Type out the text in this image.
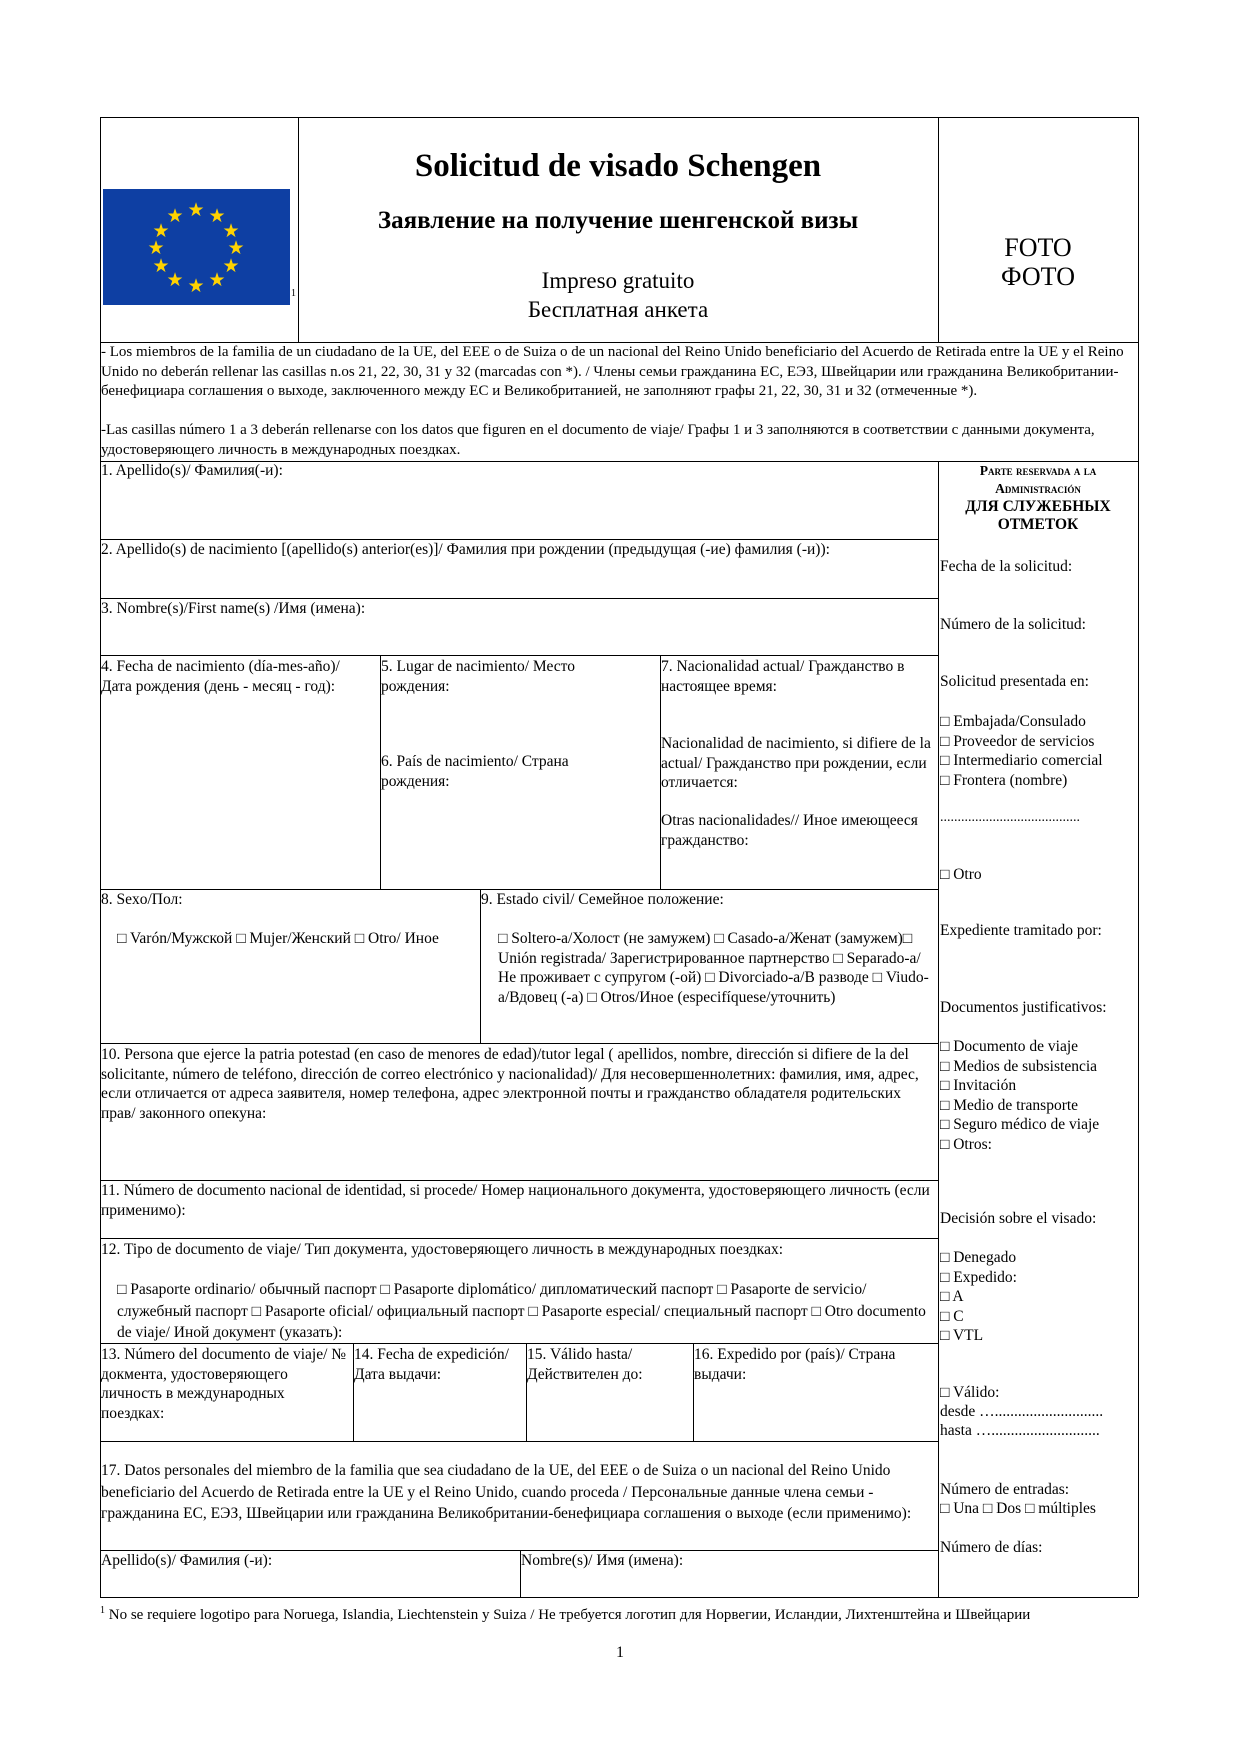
★ ★
★
★
★
★
★
★
★
★
★
★
1
Solicitud de visado Schengen
Заявление на получение шенгенской визы
Impreso gratuito
Бесплатная анкета
FOTO
ФОТО
- Los miembros de la familia de un ciudadano de la UE, del EEE o de Suiza o de un nacional del Reino Unido beneficiario del Acuerdo de Retirada entre la UE y el Reino Unido no deberán rellenar las casillas n.os 21, 22, 30, 31 y 32 (marcadas con *). / Члены семьи гражданина ЕС, ЕЭЗ, Швейцарии или гражданина Великобритании-бенефициара соглашения о выходе, заключенного между ЕС и Великобританией, не заполняют графы 21, 22, 30, 31 и 32 (отмеченные *).
-Las casillas número 1 a 3 deberán rellenarse con los datos que figuren en el documento de viaje/ Графы 1 и 3 заполняются в соответствии с данными документа, удостоверяющего личность в международных поездках.
1. Apellido(s)/ Фамилия(-и):
2. Apellido(s) de nacimiento [(apellido(s) anterior(es)]/ Фамилия при рождении (предыдущая (-ие) фамилия (-и)):
3. Nombre(s)/First name(s) /Имя (имена):
4. Fecha de nacimiento (día-mes-año)/ Дата рождения (день - месяц - год):
5. Lugar de nacimiento/ Место рождения:
6. País de nacimiento/ Страна рождения:
7. Nacionalidad actual/ Гражданство в настоящее время:
Nacionalidad de nacimiento, si difiere de la actual/ Гражданство при рождении, если отличается:
Otras nacionalidades// Иное имеющееся гражданство:
8. Sexo/Пол:
□ Varón/Мужской □ Mujer/Женский □ Otro/ Иное
9. Estado civil/ Семейное положение:
□ Soltero-a/Холост (не замужем) □ Casado-a/Женат (замужем)□ Unión registrada/ Зарегистрированное партнерство □ Separado-a/Не проживает с супругом (-ой) □ Divorciado-a/В разводе □ Viudo-a/Вдовец (-а) □ Otros/Иное (especifíquese/уточнить)
10. Persona que ejerce la patria potestad (en caso de menores de edad)/tutor legal ( apellidos, nombre, dirección si difiere de la del solicitante, número de teléfono, dirección de correo electrónico y nacionalidad)/ Для несовершеннолетних: фамилия, имя, адрес, если отличается от адреса заявителя, номер телефона, адрес электронной почты и гражданство обладателя родительских прав/ законного опекуна:
11. Número de documento nacional de identidad, si procede/ Номер национального документа, удостоверяющего личность (если применимо):
12. Tipo de documento de viaje/ Тип документа, удостоверяющего личность в международных поездках:
□ Pasaporte ordinario/ обычный паспорт □ Pasaporte diplomático/ дипломатический паспорт □ Pasaporte de servicio/ служебный паспорт □ Pasaporte oficial/ официальный паспорт □ Pasaporte especial/ специальный паспорт □ Otro documento de viaje/ Иной документ (указать):
13. Número del documento de viaje/ № докмента, удостоверяющего личность в международных поездках:
14. Fecha de expedición/ Дата выдачи:
15. Válido hasta/ Действителен до:
16. Expedido por (país)/ Страна выдачи:
17. Datos personales del miembro de la familia que sea ciudadano de la UE, del EEE o de Suiza o un nacional del Reino Unido beneficiario del Acuerdo de Retirada entre la UE y el Reino Unido, cuando proceda / Персональные данные члена семьи - гражданина ЕС, ЕЭЗ, Швейцарии или гражданина Великобритании-бенефициара соглашения о выходе (если применимо):
Apellido(s)/ Фамилия (-и):	Nombre(s)/ Имя (имена):
Parte reservada a la
Administración
ДЛЯ СЛУЖЕБНЫХ ОТМЕТОК
Fecha de la solicitud:
Número de la solicitud:
Solicitud presentada en:
□ Embajada/Consulado
□ Proveedor de servicios
□ Intermediario comercial
□ Frontera (nombre)
........................................
□ Otro
Expediente tramitado por:
Documentos justificativos:
□ Documento de viaje
□ Medios de subsistencia
□ Invitación
□ Medio de transporte
□ Seguro médico de viaje
□ Otros:
Decisión sobre el visado:
□ Denegado
□ Expedido:
□ A
□ C
□ VTL
□ Válido:
desde …............................
hasta …............................
Número de entradas:
□ Una □ Dos □ múltiples
Número de días:
$^1$ No se requiere logotipo para Noruega, Islandia, Liechtenstein y Suiza / Не требуется логотип для Норвегии, Исландии, Лихтенштейна и Швейцарии
1
